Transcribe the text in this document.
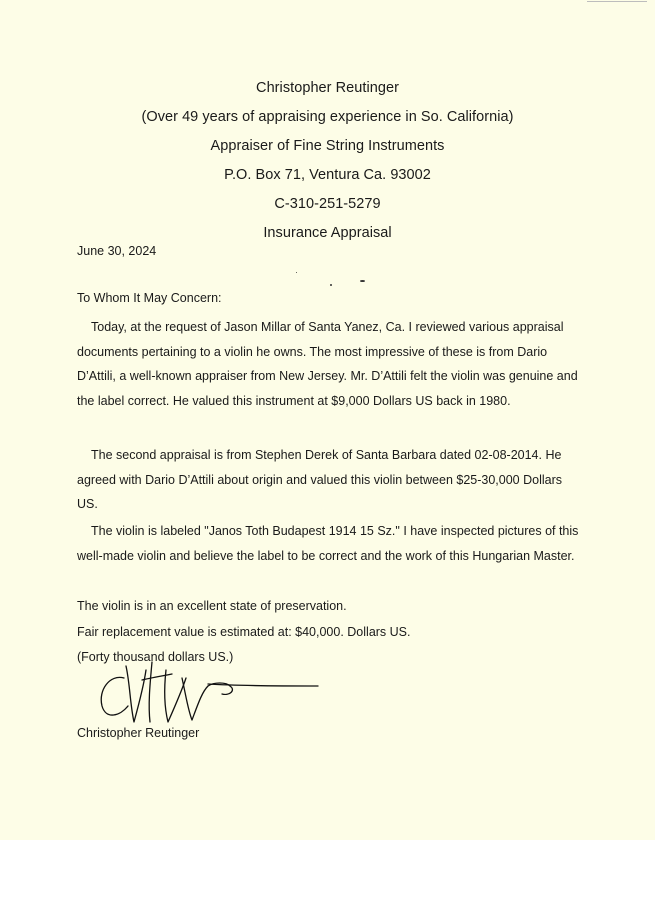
Christopher Reutinger
(Over 49 years of appraising experience in So. California)
Appraiser of Fine String Instruments
P.O. Box 71, Ventura Ca. 93002
C-310-251-5279
Insurance Appraisal
June 30, 2024
To Whom It May Concern:
Today, at the request of Jason Millar of Santa Yanez, Ca. I reviewed various appraisal documents pertaining to a violin he owns. The most impressive of these is from Dario D’Attili, a well-known appraiser from New Jersey. Mr. D’Attili felt the violin was genuine and the label correct. He valued this instrument at $9,000 Dollars US back in 1980.
The second appraisal is from Stephen Derek of Santa Barbara dated 02-08-2014. He agreed with Dario D’Attili about origin and valued this violin between $25-30,000 Dollars US.
The violin is labeled "Janos Toth Budapest 1914 15 Sz." I have inspected pictures of this well-made violin and believe the label to be correct and the work of this Hungarian Master.
The violin is in an excellent state of preservation.
Fair replacement value is estimated at: $40,000. Dollars US.
(Forty thousand dollars US.)
Christopher Reutinger
